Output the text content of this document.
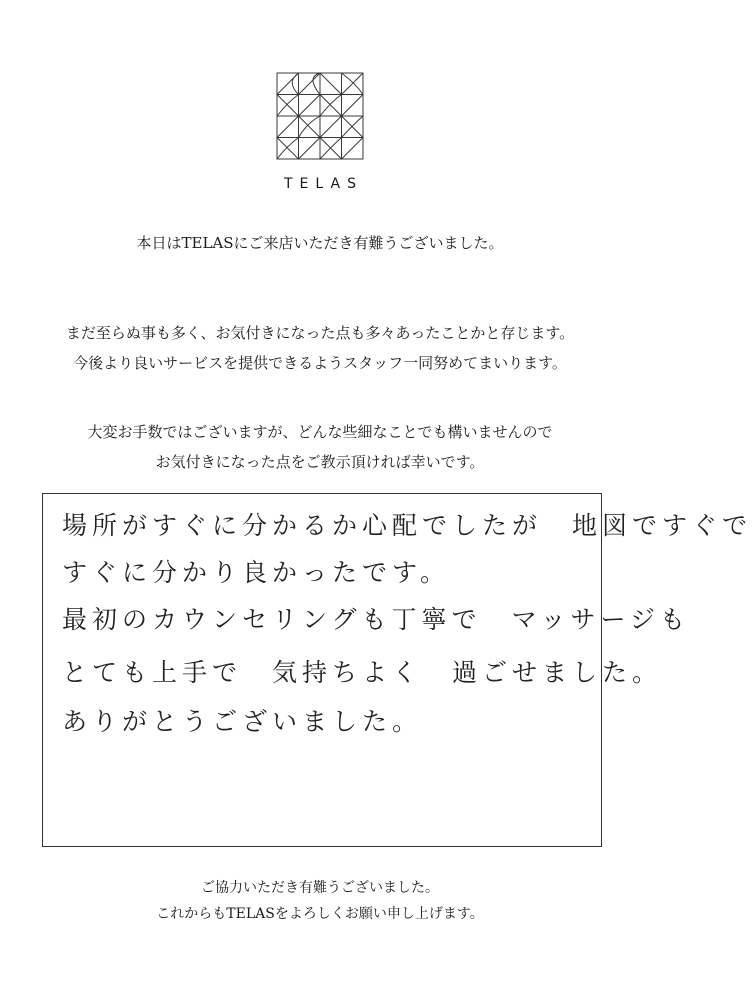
TELAS
本日はTELASにご来店いただき有難うございました。
まだ至らぬ事も多く、お気付きになった点も多々あったことかと存じます。
今後より良いサービスを提供できるようスタッフ一同努めてまいります。
大変お手数ではございますが、どんな些細なことでも構いませんので
お気付きになった点をご教示頂ければ幸いです。
場所がすぐに分かるか心配でしたが　地図ですぐで
すぐに分かり良かったです。
最初のカウンセリングも丁寧で　マッサージも
とても上手で　気持ちよく　過ごせました。
ありがとうございました。
ご協力いただき有難うございました。
これからもTELASをよろしくお願い申し上げます。
